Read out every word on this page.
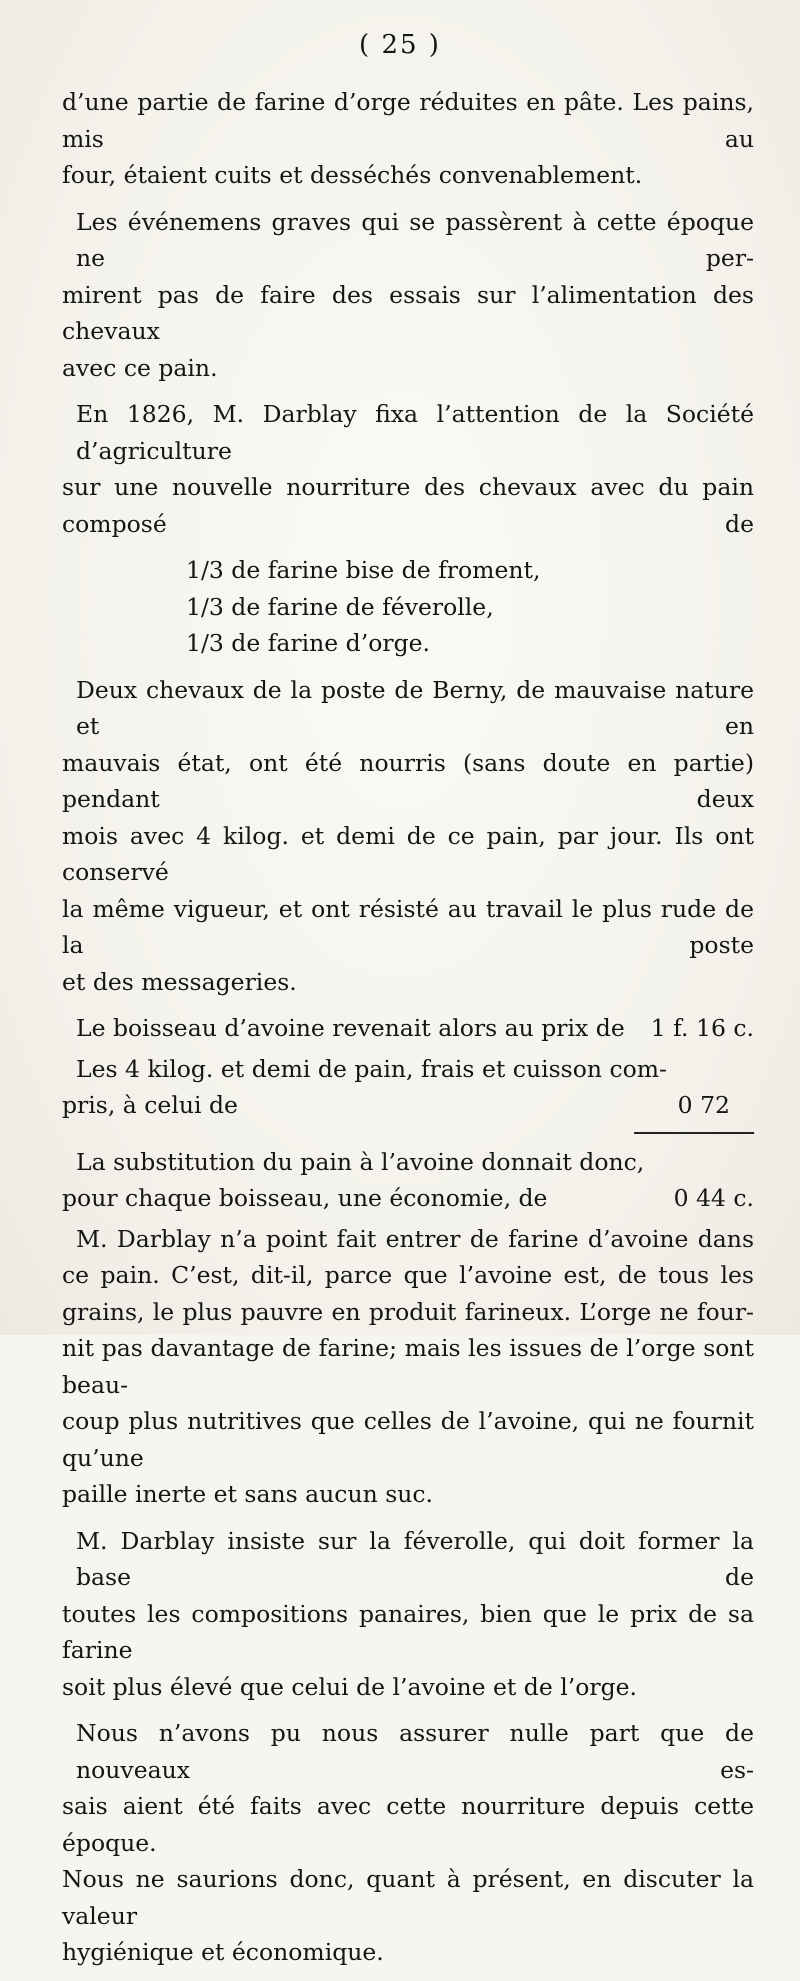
( 25 )
d’une partie de farine d’orge réduites en pâte. Les pains, mis au
four, étaient cuits et desséchés convenablement.
Les événemens graves qui se passèrent à cette époque ne per-
mirent pas de faire des essais sur l’alimentation des chevaux
avec ce pain.
En 1826, M. Darblay fixa l’attention de la Société d’agriculture
sur une nouvelle nourriture des chevaux avec du pain composé de
1/3 de farine bise de froment,
1/3 de farine de féverolle,
1/3 de farine d’orge.
Deux chevaux de la poste de Berny, de mauvaise nature et en
mauvais état, ont été nourris (sans doute en partie) pendant deux
mois avec 4 kilog. et demi de ce pain, par jour. Ils ont conservé
la même vigueur, et ont résisté au travail le plus rude de la poste
et des messageries.
Le boisseau d’avoine revenait alors au prix de 1 f. 16 c.
Les 4 kilog. et demi de pain, frais et cuisson com-
pris, à celui de	0 72
La substitution du pain à l’avoine donnait donc,
pour chaque boisseau, une économie, de	0 44 c.
M. Darblay n’a point fait entrer de farine d’avoine dans
ce pain. C’est, dit-il, parce que l’avoine est, de tous les
grains, le plus pauvre en produit farineux. L’orge ne four-
nit pas davantage de farine; mais les issues de l’orge sont beau-
coup plus nutritives que celles de l’avoine, qui ne fournit qu’une
paille inerte et sans aucun suc.
M. Darblay insiste sur la féverolle, qui doit former la base de
toutes les compositions panaires, bien que le prix de sa farine
soit plus élevé que celui de l’avoine et de l’orge.
Nous n’avons pu nous assurer nulle part que de nouveaux es-
sais aient été faits avec cette nourriture depuis cette époque.
Nous ne saurions donc, quant à présent, en discuter la valeur
hygiénique et économique.
